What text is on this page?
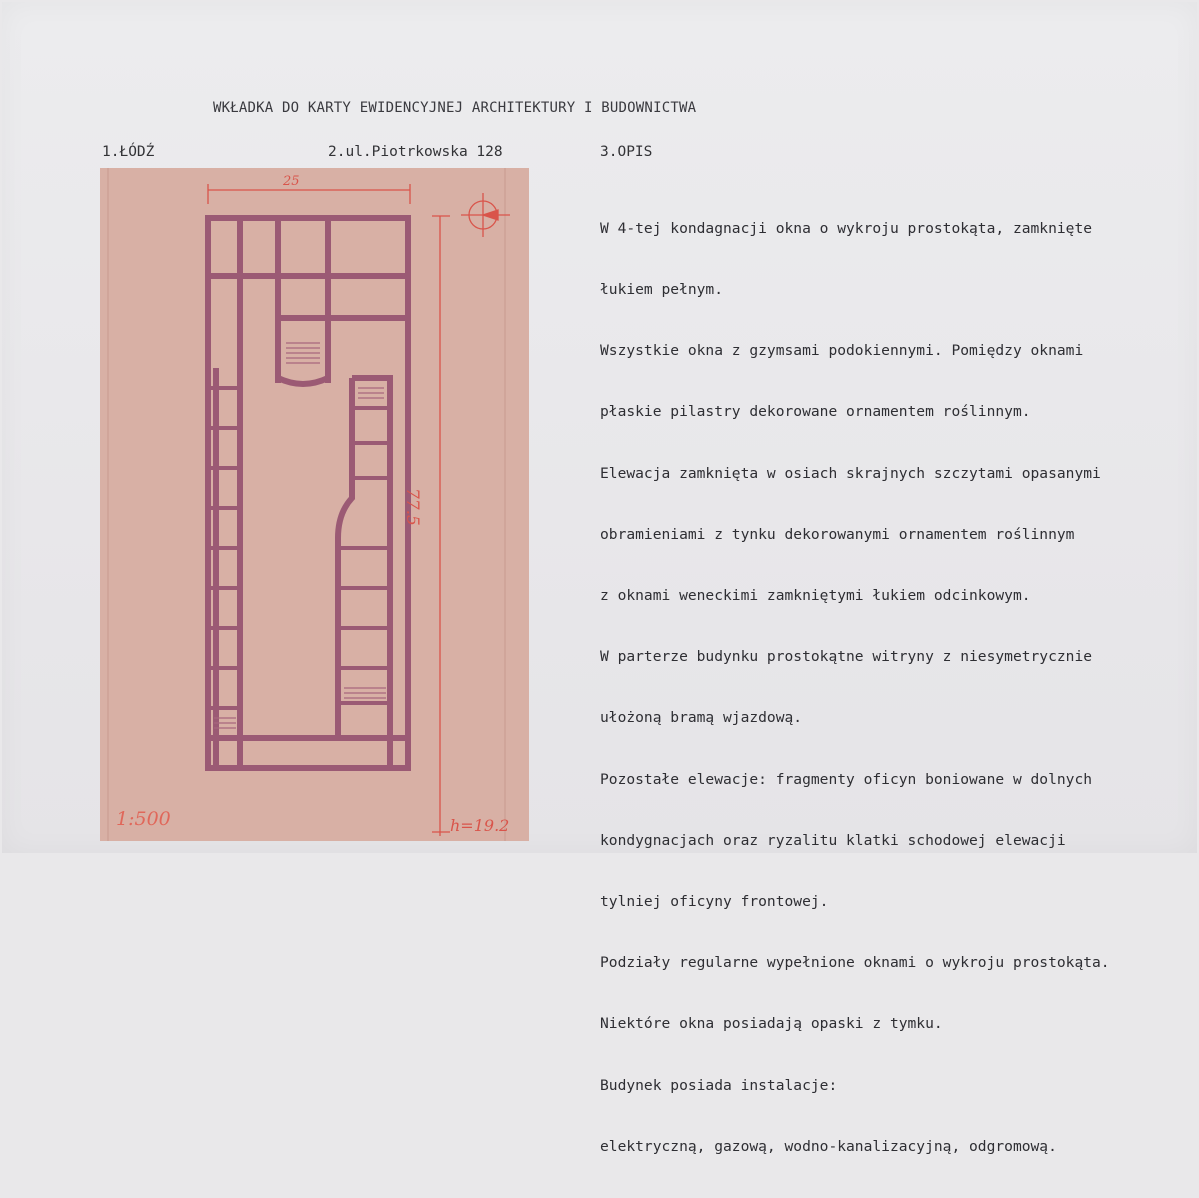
WKŁADKA DO KARTY EWIDENCYJNEJ ARCHITEKTURY I BUDOWNICTWA
1.ŁÓDŹ	2.ul.Piotrkowska 128	3.OPIS

W 4-tej kondagnacji okna o wykroju prostokąta, zamknięte

łukiem pełnym.

Wszystkie okna z gzymsami podokiennymi. Pomiędzy oknami

płaskie pilastry dekorowane ornamentem roślinnym.

Elewacja zamknięta w osiach skrajnych szczytami opasanymi

obramieniami z tynku dekorowanymi ornamentem roślinnym

z oknami weneckimi zamkniętymi łukiem odcinkowym.

W parterze budynku prostokątne witryny z niesymetrycznie

ułożoną bramą wjazdową.

Pozostałe elewacje: fragmenty oficyn boniowane w dolnych

kondygnacjach oraz ryzalitu klatki schodowej elewacji

tylniej oficyny frontowej.

Podziały regularne wypełnione oknami o wykroju prostokąta.

Niektóre okna posiadają opaski z tymku.

Budynek posiada instalacje:

elektryczną, gazową, wodno-kanalizacyjną, odgromową.

25
77.5
1:500	h=19.2
